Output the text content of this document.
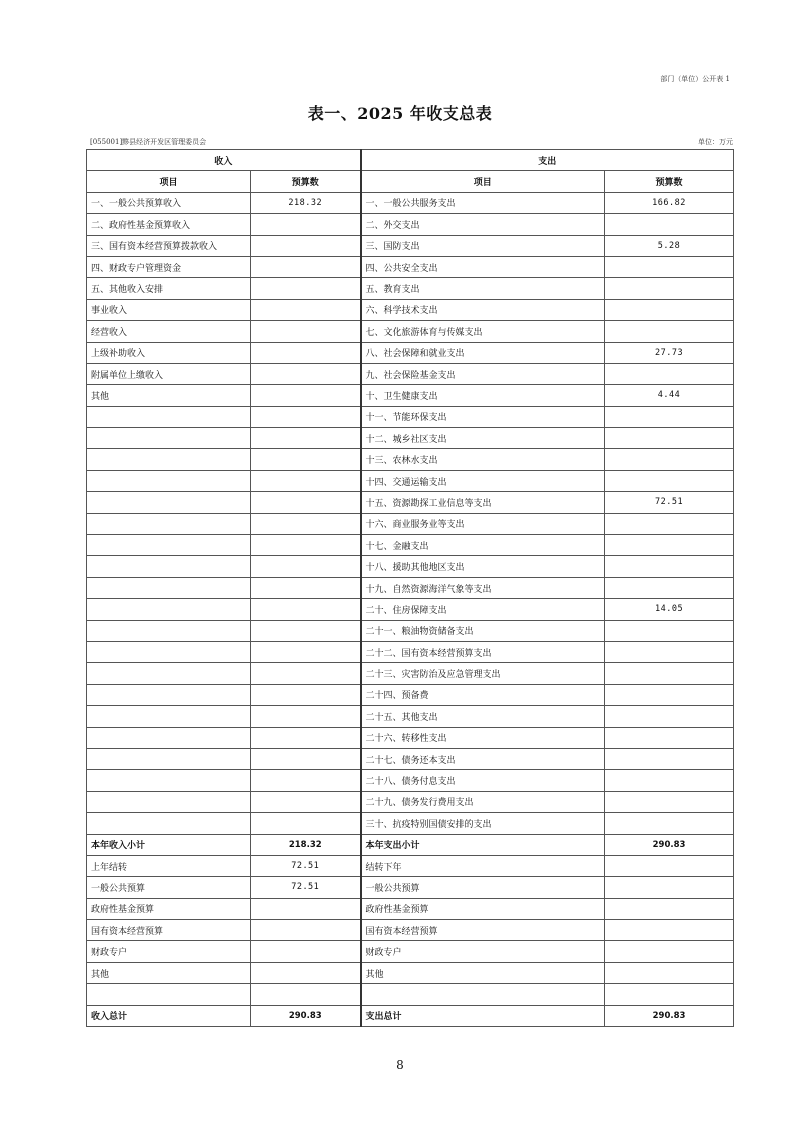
部门（单位）公开表 1
表一、2025 年收支总表
[055001]黟县经济开发区管理委员会	单位：万元
收入		支出	
项目	预算数	项目	预算数
一、一般公共预算收入	218.32	一、一般公共服务支出	166.82
二、政府性基金预算收入		二、外交支出	
三、国有资本经营预算拨款收入		三、国防支出	5.28
四、财政专户管理资金		四、公共安全支出	
五、其他收入安排		五、教育支出	
事业收入		六、科学技术支出	
经营收入		七、文化旅游体育与传媒支出	
上级补助收入		八、社会保障和就业支出	27.73
附属单位上缴收入		九、社会保险基金支出	
其他		十、卫生健康支出	4.44
		十一、节能环保支出	
		十二、城乡社区支出	
		十三、农林水支出	
		十四、交通运输支出	
		十五、资源勘探工业信息等支出	72.51
		十六、商业服务业等支出	
		十七、金融支出	
		十八、援助其他地区支出	
		十九、自然资源海洋气象等支出	
		二十、住房保障支出	14.05
		二十一、粮油物资储备支出	
		二十二、国有资本经营预算支出	
		二十三、灾害防治及应急管理支出	
		二十四、预备费	
		二十五、其他支出	
		二十六、转移性支出	
		二十七、债务还本支出	
		二十八、债务付息支出	
		二十九、债务发行费用支出	
		三十、抗疫特别国债安排的支出	
本年收入小计	218.32	本年支出小计	290.83
上年结转	72.51	结转下年	
一般公共预算	72.51	一般公共预算	
政府性基金预算		政府性基金预算	
国有资本经营预算		国有资本经营预算	
财政专户		财政专户	
其他		其他	

收入总计	290.83	支出总计	290.83
8
